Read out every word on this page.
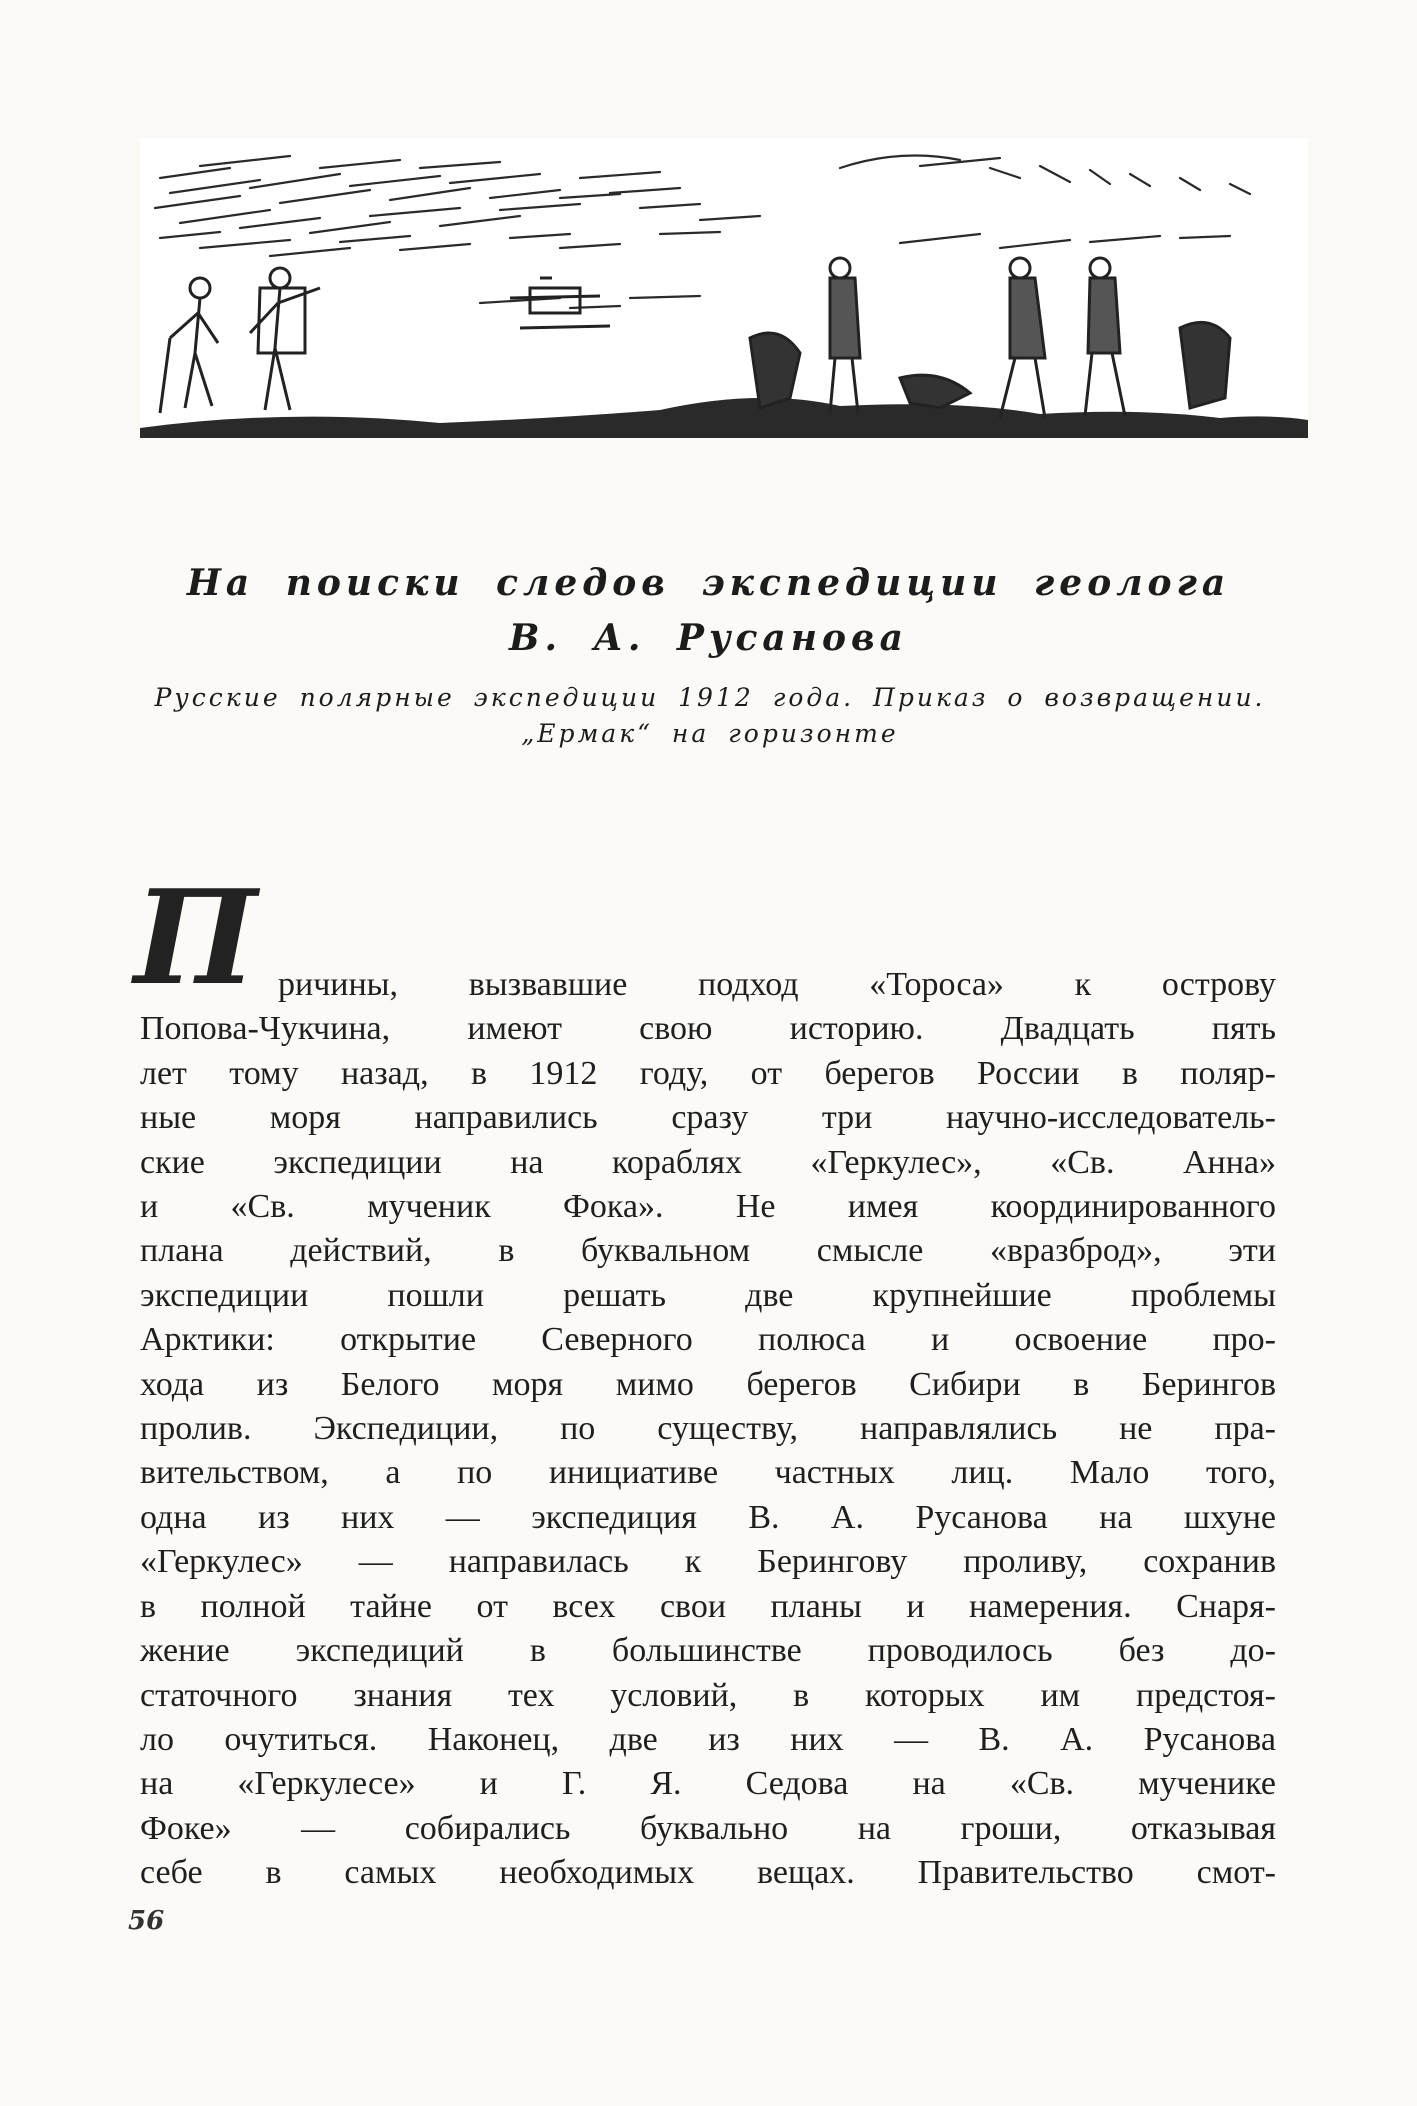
На поиски следов экспедиции геолога
В. А. Русанова
Русские полярные экспедиции 1912 года. Приказ о возвращении.
„Ермак“ на горизонте
П ричины, вызвавшие подход «Тороса» к острову
Попова-Чукчина, имеют свою историю. Двадцать пять
лет тому назад, в 1912 году, от берегов России в поляр-
ные моря направились сразу три научно-исследователь-
ские экспедиции на кораблях «Геркулес», «Св. Анна»
и «Св. мученик Фока». Не имея координированного
плана действий, в буквальном смысле «вразброд», эти
экспедиции пошли решать две крупнейшие проблемы
Арктики: открытие Северного полюса и освоение про-
хода из Белого моря мимо берегов Сибири в Берингов
пролив. Экспедиции, по существу, направлялись не пра-
вительством, а по инициативе частных лиц. Мало того,
одна из них — экспедиция В. А. Русанова на шхуне
«Геркулес» — направилась к Берингову проливу, сохранив
в полной тайне от всех свои планы и намерения. Снаря-
жение экспедиций в большинстве проводилось без до-
статочного знания тех условий, в которых им предстоя-
ло очутиться. Наконец, две из них — В. А. Русанова
на «Геркулесе» и Г. Я. Седова на «Св. мученике
Фоке» — собирались буквально на гроши, отказывая
себе в самых необходимых вещах. Правительство смот-
56
